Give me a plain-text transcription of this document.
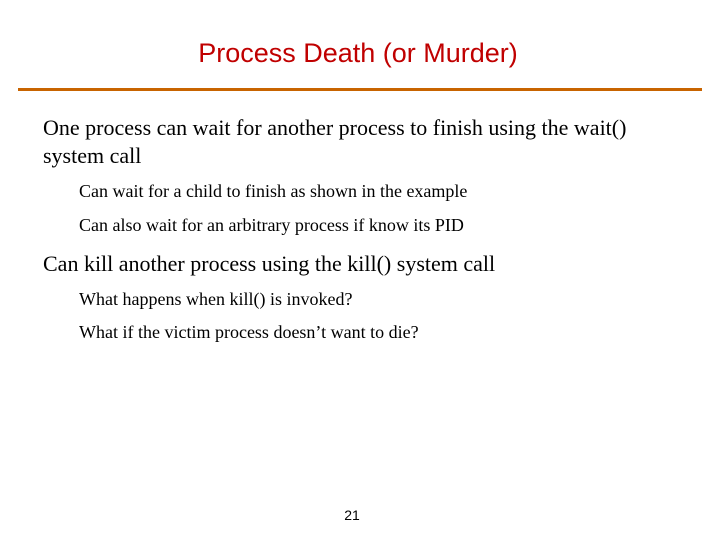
Process Death (or Murder)
One process can wait for another process to finish using the wait() system call
Can wait for a child to finish as shown in the example
Can also wait for an arbitrary process if know its PID
Can kill another process using the kill() system call
What happens when kill() is invoked?
What if the victim process doesn’t want to die?
21
